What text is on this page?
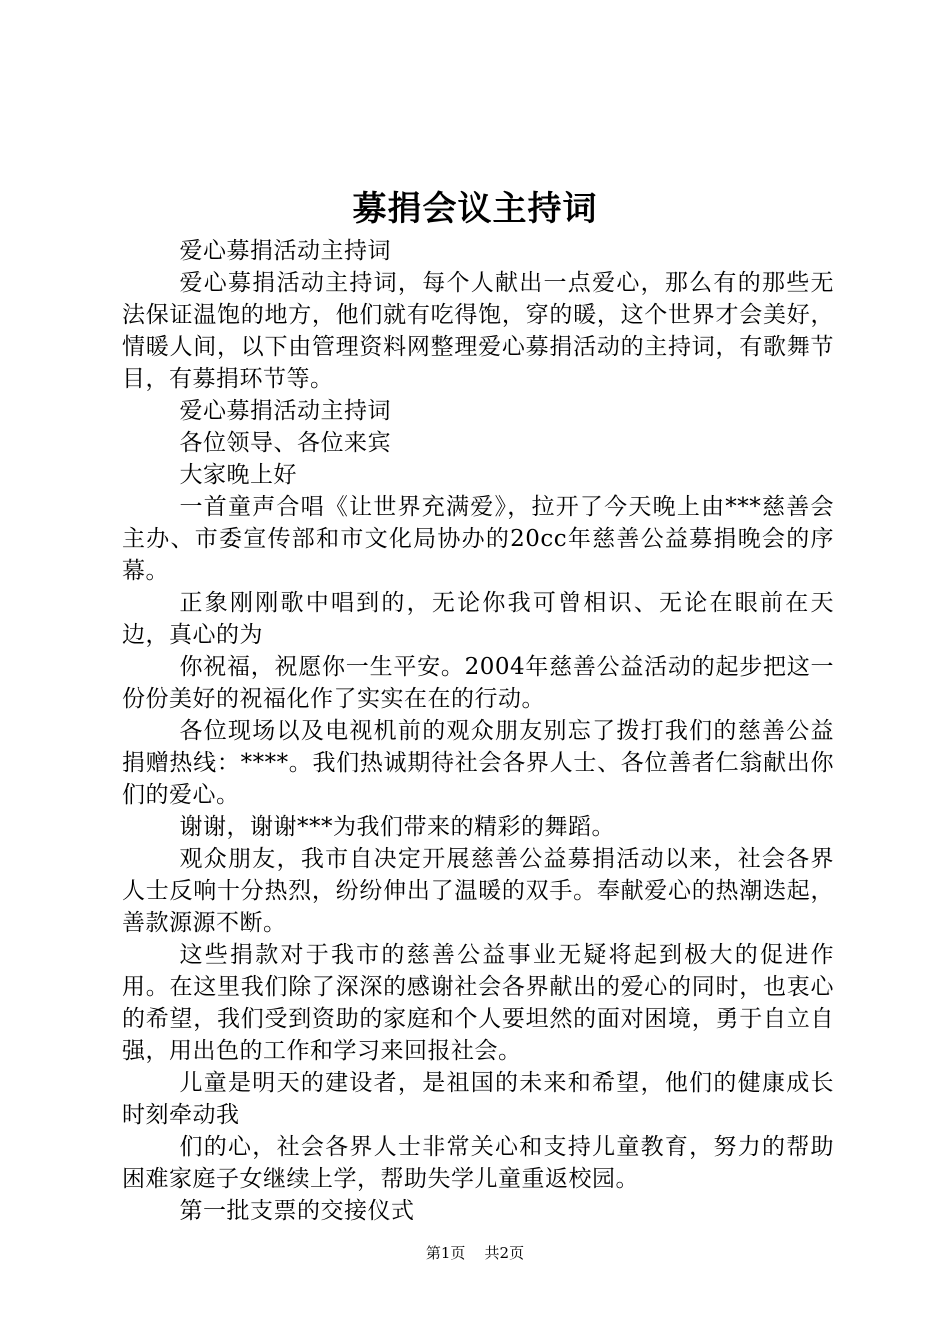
募捐会议主持词

爱心募捐活动主持词

爱心募捐活动主持词，每个人献出一点爱心，那么有的那些无法保证温饱的地方，他们就有吃得饱，穿的暖，这个世界才会美好，情暖人间，以下由管理资料网整理爱心募捐活动的主持词，有歌舞节目，有募捐环节等。

爱心募捐活动主持词

各位领导、各位来宾

大家晚上好

一首童声合唱《让世界充满爱》，拉开了今天晚上由***慈善会主办、市委宣传部和市文化局协办的20cc年慈善公益募捐晚会的序幕。

正象刚刚歌中唱到的，无论你我可曾相识、无论在眼前在天边，真心的为

你祝福，祝愿你一生平安。2004年慈善公益活动的起步把这一份份美好的祝福化作了实实在在的行动。

各位现场以及电视机前的观众朋友别忘了拨打我们的慈善公益捐赠热线：****。我们热诚期待社会各界人士、各位善者仁翁献出你们的爱心。

谢谢，谢谢***为我们带来的精彩的舞蹈。

观众朋友，我市自决定开展慈善公益募捐活动以来，社会各界人士反响十分热烈，纷纷伸出了温暖的双手。奉献爱心的热潮迭起，善款源源不断。

这些捐款对于我市的慈善公益事业无疑将起到极大的促进作用。在这里我们除了深深的感谢社会各界献出的爱心的同时，也衷心的希望，我们受到资助的家庭和个人要坦然的面对困境，勇于自立自强，用出色的工作和学习来回报社会。

儿童是明天的建设者，是祖国的未来和希望，他们的健康成长时刻牵动我

们的心，社会各界人士非常关心和支持儿童教育，努力的帮助困难家庭子女继续上学，帮助失学儿童重返校园。

第一批支票的交接仪式

第1页 共2页
